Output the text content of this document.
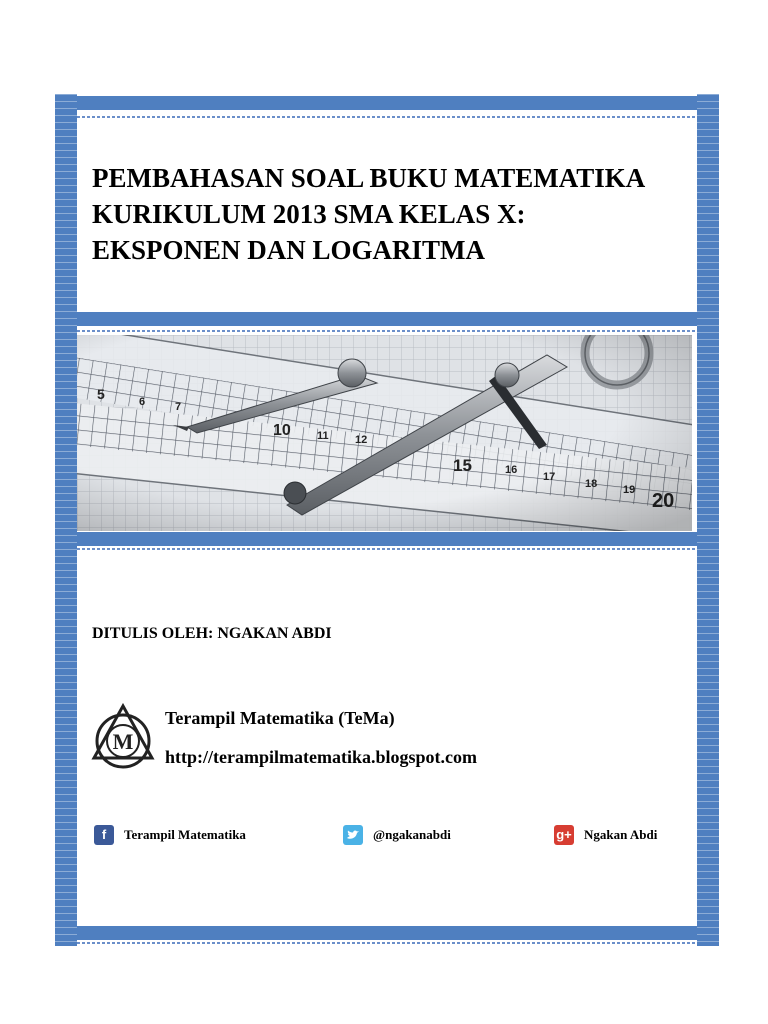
PEMBAHASAN SOAL BUKU MATEMATIKA
KURIKULUM 2013 SMA KELAS X:
EKSPONEN DAN LOGARITMA
DITULIS OLEH: NGAKAN ABDI
M
Terampil Matematika (TeMa)
http://terampilmatematika.blogspot.com
f	Terampil Matematika	@ngakanabdi	g+ Ngakan Abdi
